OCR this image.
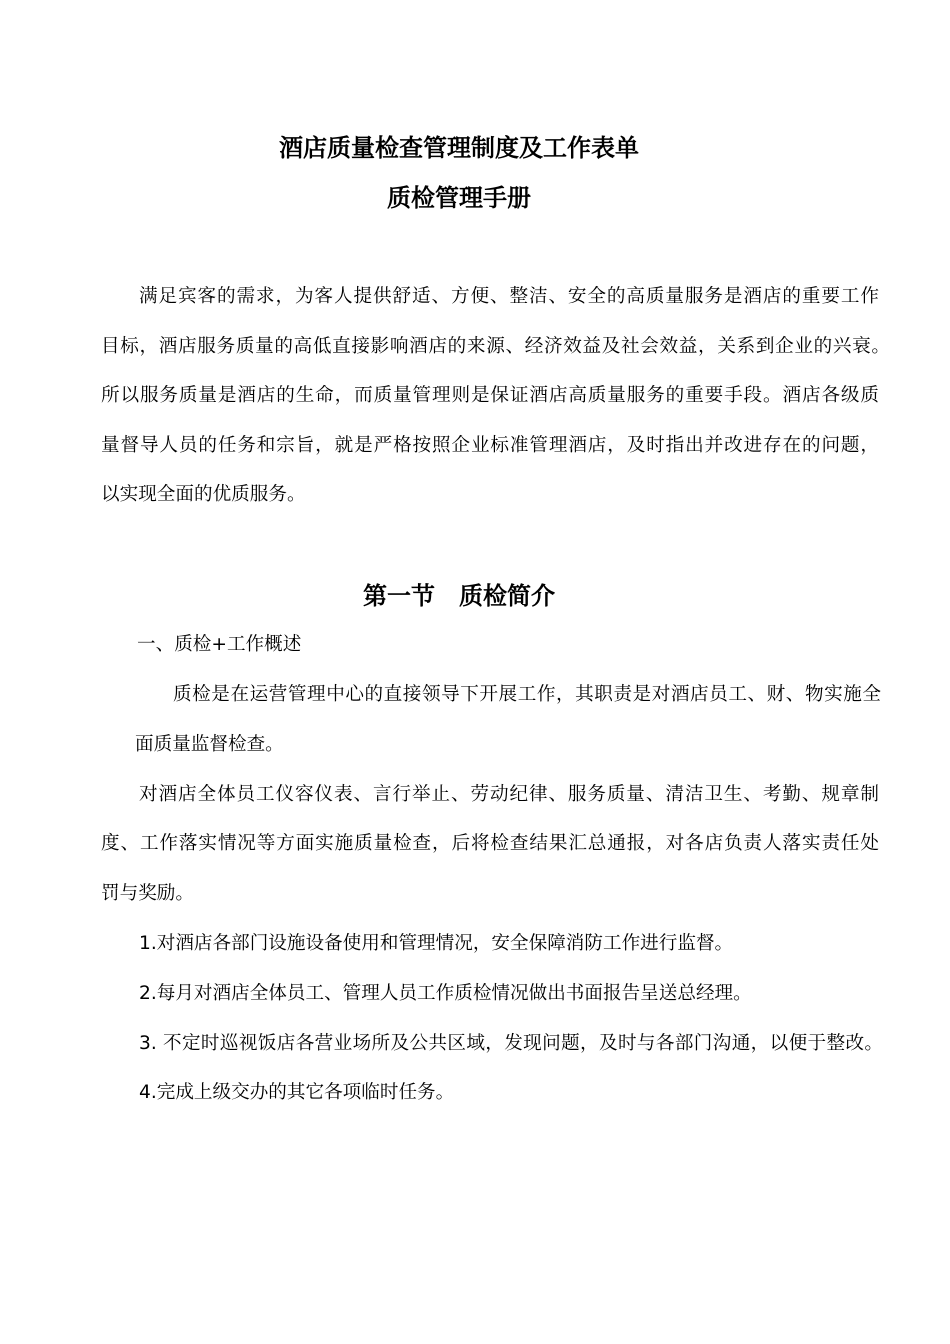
酒店质量检查管理制度及工作表单
质检管理手册
满足宾客的需求，为客人提供舒适、方便、整洁、安全的高质量服务是酒店的重要工作
目标，酒店服务质量的高低直接影响酒店的来源、经济效益及社会效益，关系到企业的兴衰。
所以服务质量是酒店的生命，而质量管理则是保证酒店高质量服务的重要手段。酒店各级质
量督导人员的任务和宗旨，就是严格按照企业标准管理酒店，及时指出并改进存在的问题，
以实现全面的优质服务。
第一节　质检简介
一、质检+工作概述
质检是在运营管理中心的直接领导下开展工作，其职责是对酒店员工、财、物实施全
面质量监督检查。
对酒店全体员工仪容仪表、言行举止、劳动纪律、服务质量、清洁卫生、考勤、规章制
度、工作落实情况等方面实施质量检查，后将检查结果汇总通报，对各店负责人落实责任处
罚与奖励。
1.对酒店各部门设施设备使用和管理情况，安全保障消防工作进行监督。
2.每月对酒店全体员工、管理人员工作质检情况做出书面报告呈送总经理。
3. 不定时巡视饭店各营业场所及公共区域，发现问题，及时与各部门沟通，以便于整改。
4.完成上级交办的其它各项临时任务。
